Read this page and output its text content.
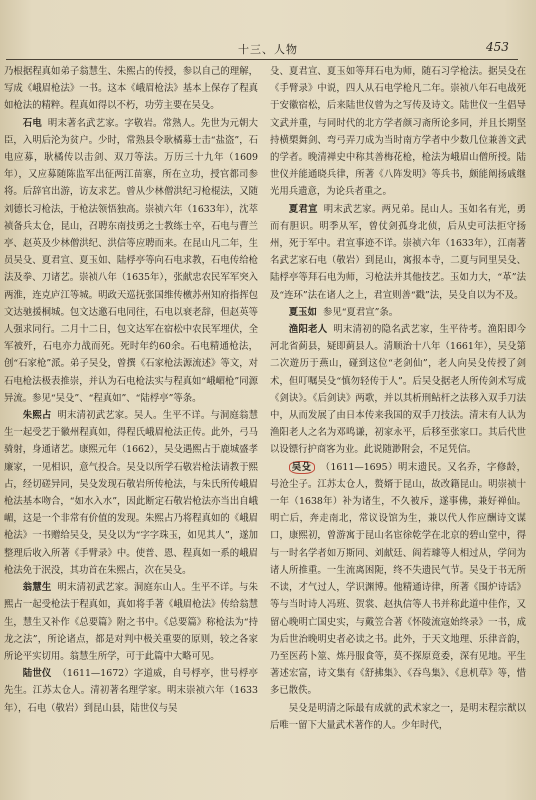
十三、人物	453

乃根据程真如弟子翁慧生、朱熙占的传授，参以自己的理解，写成《峨眉枪法》一书。这本《峨眉枪法》基本上保存了程真如枪法的精粹。程真如得以不朽，功劳主要在吴殳。

石电 明末著名武艺家。字敬岩。常熟人。先世为元朝大臣，入明后沦为贫户。少时，常熟县令耿橘募士击“盐盗”，石电应募，耿橘传以击剑、双刀等法。万历三十九年（1609年），又应募随陈监军出征两江苗寨，所在立功，授官都司参将。后辞官出游，访友求艺。曾从少林僧洪纪习枪棍法，又随刘德长习枪法，于枪法领悟独高。崇祯六年（1633年），沈萃祯备兵太仓，昆山，召聘东南技勇之士教练士卒，石电与曹兰亭、赵英及少林僧洪纪、洪信等应聘而来。在昆山凡二年，生员吴殳、夏君宣、夏玉如、陆桴亭等向石电求教，石电传给枪法及拳、刀诸艺。崇祯八年（1635年），张献忠农民军军突入两淮，连克庐江等城。明政天巡抚张国维传檄苏州知府指挥包文达驰援桐城。包文达邀石电同往，石电以衰老辞，但赵英等人强求同行。二月十二日，包文达军在宿松中农民军埋伏，全军被歼，石电亦力战而死。死时年约60余。石电精通枪法，创“石家枪”派。弟子吴殳，曾撰《石家枪法源流述》等文，对石电枪法极表推崇，并认为石电枪法实与程真如“峨嵋枪”同源异流。参见“吴殳”、“程真如”、“陆桴亭”等条。

朱熙占 明末清初武艺家。吴人。生平不详。与洞庭翁慧生一起受艺于徽州程真如，得程氏峨眉枪法正传。此外，弓马骑射，身通诸艺。康熙元年（1662），吴殳遇熙占于鹿城盛孝廉家，一见相识，意气投合。吴殳以所学石敬岩枪法请教于熙占，经切磋异同，吴殳发现石敬岩所传枪法，与朱氏所传峨眉枪法基本吻合，“如水入水”，因此断定石敬岩枪法亦当出自峨嵋，这是一个非常有价值的发现。朱熙占乃将程真如的《峨眉枪法》一书赠给吴殳，吴殳以为“字字珠玉，如见其人”，遂加整理后收入所著《手臂录》中。使普、恩、程真如一系的峨眉枪法免于泯没，其功首在朱熙占，次在吴殳。

翁慧生 明末清初武艺家。洞庭东山人。生平不详。与朱熙占一起受枪法于程真如，真如将手著《峨眉枪法》传给翁慧生，慧生又补作《总要篇》附之书中。《总要篇》称枪法为“持龙之法”，所论诸点，都是对判中极关重要的原则，较之各家所论平实切用。翁慧生所学，可于此篇中大略可见。

陆世仪 （1611—1672）字道威，自号桴亭，世号桴亭先生。江苏太仓人。清初著名理学家。明末崇祯六年（1633年），石电（敬岩）到昆山县，陆世仪与吴

殳、夏君宣、夏玉如等拜石电为师，随石习学枪法。据吴殳在《手臂录》中说，四人从石电学枪凡二年。崇祯八年石电战死于安徽宿松，后来陆世仪曾为之写传及诗文。陆世仪一生倡导文武并重，与同时代的北方学者颜习斋所论多同，并且长期坚持横槊舞剑、弯弓弄刀成为当时南方学者中少数几位兼善文武的学者。晚清禅史中称其善梅花枪，枪法为峨眉山僧所授。陆世仪并能通晓兵律，所著《八阵发明》等兵书，颇能阐扬戚继光用兵遗意，为论兵者重之。

夏君宣 明末武艺家。两兄弟。昆山人。玉如名有光，勇而有胆识。明季从军，曾仗剑孤身北侦，后从史可法拒守扬州，死于军中。君宣事迹不详。崇祯六年（1633年），江南著名武艺家石电（敬岩）到昆山，寓报本寺，二夏与同里吴殳、陆桴亭等拜石电为师，习枪法并其他技艺。玉如力大，“革”法及“连环”法在诸人之上，君宣则善“戳”法，吴殳自以为不及。

夏玉如 参见“夏君宣”条。

渔阳老人 明末清初的隐名武艺家，生平待考。渔阳即今河北省蓟县，疑即蓟县人。清顺治十八年（1661年），吴殳第二次遊历于燕山，碰到这位“老剑仙”，老人向吴殳传授了剑术，但叮嘱吴殳“慎勿轻传于人”。后吴殳据老人所传剑术写成《剑诀》。《后剑诀》两歌，并以其析刑鲇杆之法移入双手刀法中，从而发展了由日本传来我国的双手刀技法。清末有人认为渔阳老人之名为邓鸣谦，初家永平，后移至张家口。其后代世以设镖行护商客为业。此说随渺附会，不足凭信。

吴殳 （1611—1695）明末遗民。又名乔，字修龄，号沧尘子。江苏太仓人，赘婿于昆山，故改籍昆山。明崇祯十一年（1638年）补为诸生，不久被斥，遂事佛，兼好禅仙。明亡后，奔走南北，常议设馆为生，兼以代人作应酬诗文谋口，康熙初，曾游寓于昆山名宦徐乾学在北京的碧山堂中，得与一时名学者如万斯同、刘献廷、阎若璩等人相过从，学问为诸人所推重。一生流离困阨，终不失遗民气节。吴殳于书无所不读，才气过人，学识渊博。他精通诗律，所著《围炉诗话》等与当时诗人冯班、贺裳、赵执信等人书并称此道中佳作，又留心晚明亡国史实，与戴笠合著《怀陵流寇始终录》一书，成为后世治晚明史者必读之书。此外，于天文地理、乐律音韵，乃至医药卜筮、炼丹服食等，莫不探原竟委，深有见地。平生著述宏富，诗文集有《舒拂集》、《吞鸟集》、《息机草》等，惜多已散佚。

吴殳是明清之际最有成就的武术家之一，是明末程宗猷以后唯一留下大量武术著作的人。少年时代，
